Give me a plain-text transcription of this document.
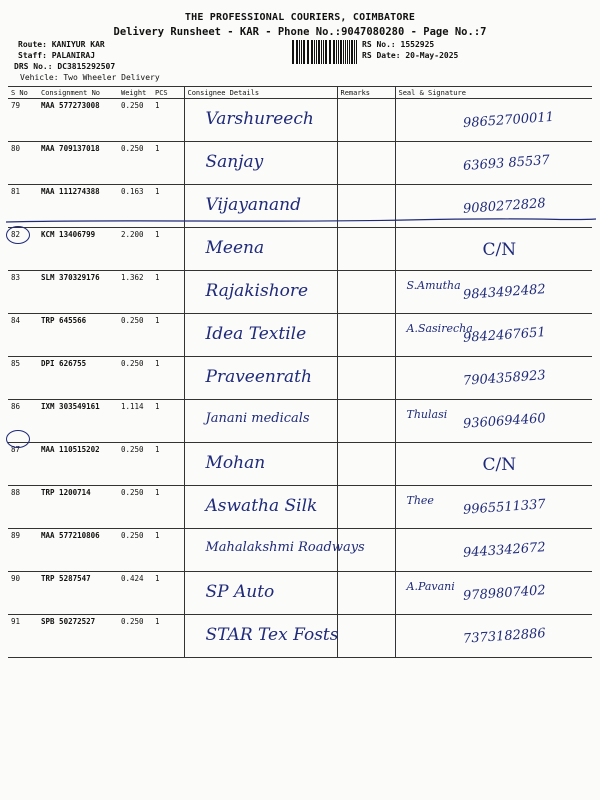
THE PROFESSIONAL COURIERS, COIMBATORE
Delivery Runsheet - KAR - Phone No.:9047080280 - Page No.:7
Route: KANIYUR KAR
Staff: PALANIRAJ
DRS No.: DC3815292507
Vehicle: Two Wheeler Delivery
RS No.: 1552925
RS Date: 20-May-2025
S No	Consignment No	Weight	PCS	Consignee Details	Remarks	Seal & Signature
79	MAA 577273008	0.250	1	Varshureech		98652700011

80	MAA 709137018	0.250	1	Sanjay		63693 85537

81	MAA 111274388	0.163	1	Vijayanand		9080272828

82	KCM 13406799	2.200	1	Meena		C/N

83	SLM 370329176	1.362	1	Rajakishore		S.Amutha 9843492482

84	TRP 645566	0.250	1	Idea Textile		A.Sasirecha
9842467651

85	DPI 626755	0.250	1	Praveenrath		7904358923

86	IXM 303549161	1.114	1	Janani medicals		Thulasi 9360694460

87	MAA 110515202	0.250	1	Mohan		C/N

88	TRP 1200714	0.250	1	Aswatha Silk		Thee 9965511337

89	MAA 577210806	0.250	1	Mahalakshmi Roadways		9443342672

90	TRP 5287547	0.424	1	SP Auto		A.Pavani 9789807402

91	SPB 50272527	0.250	1	STAR Tex Fosts		7373182886
